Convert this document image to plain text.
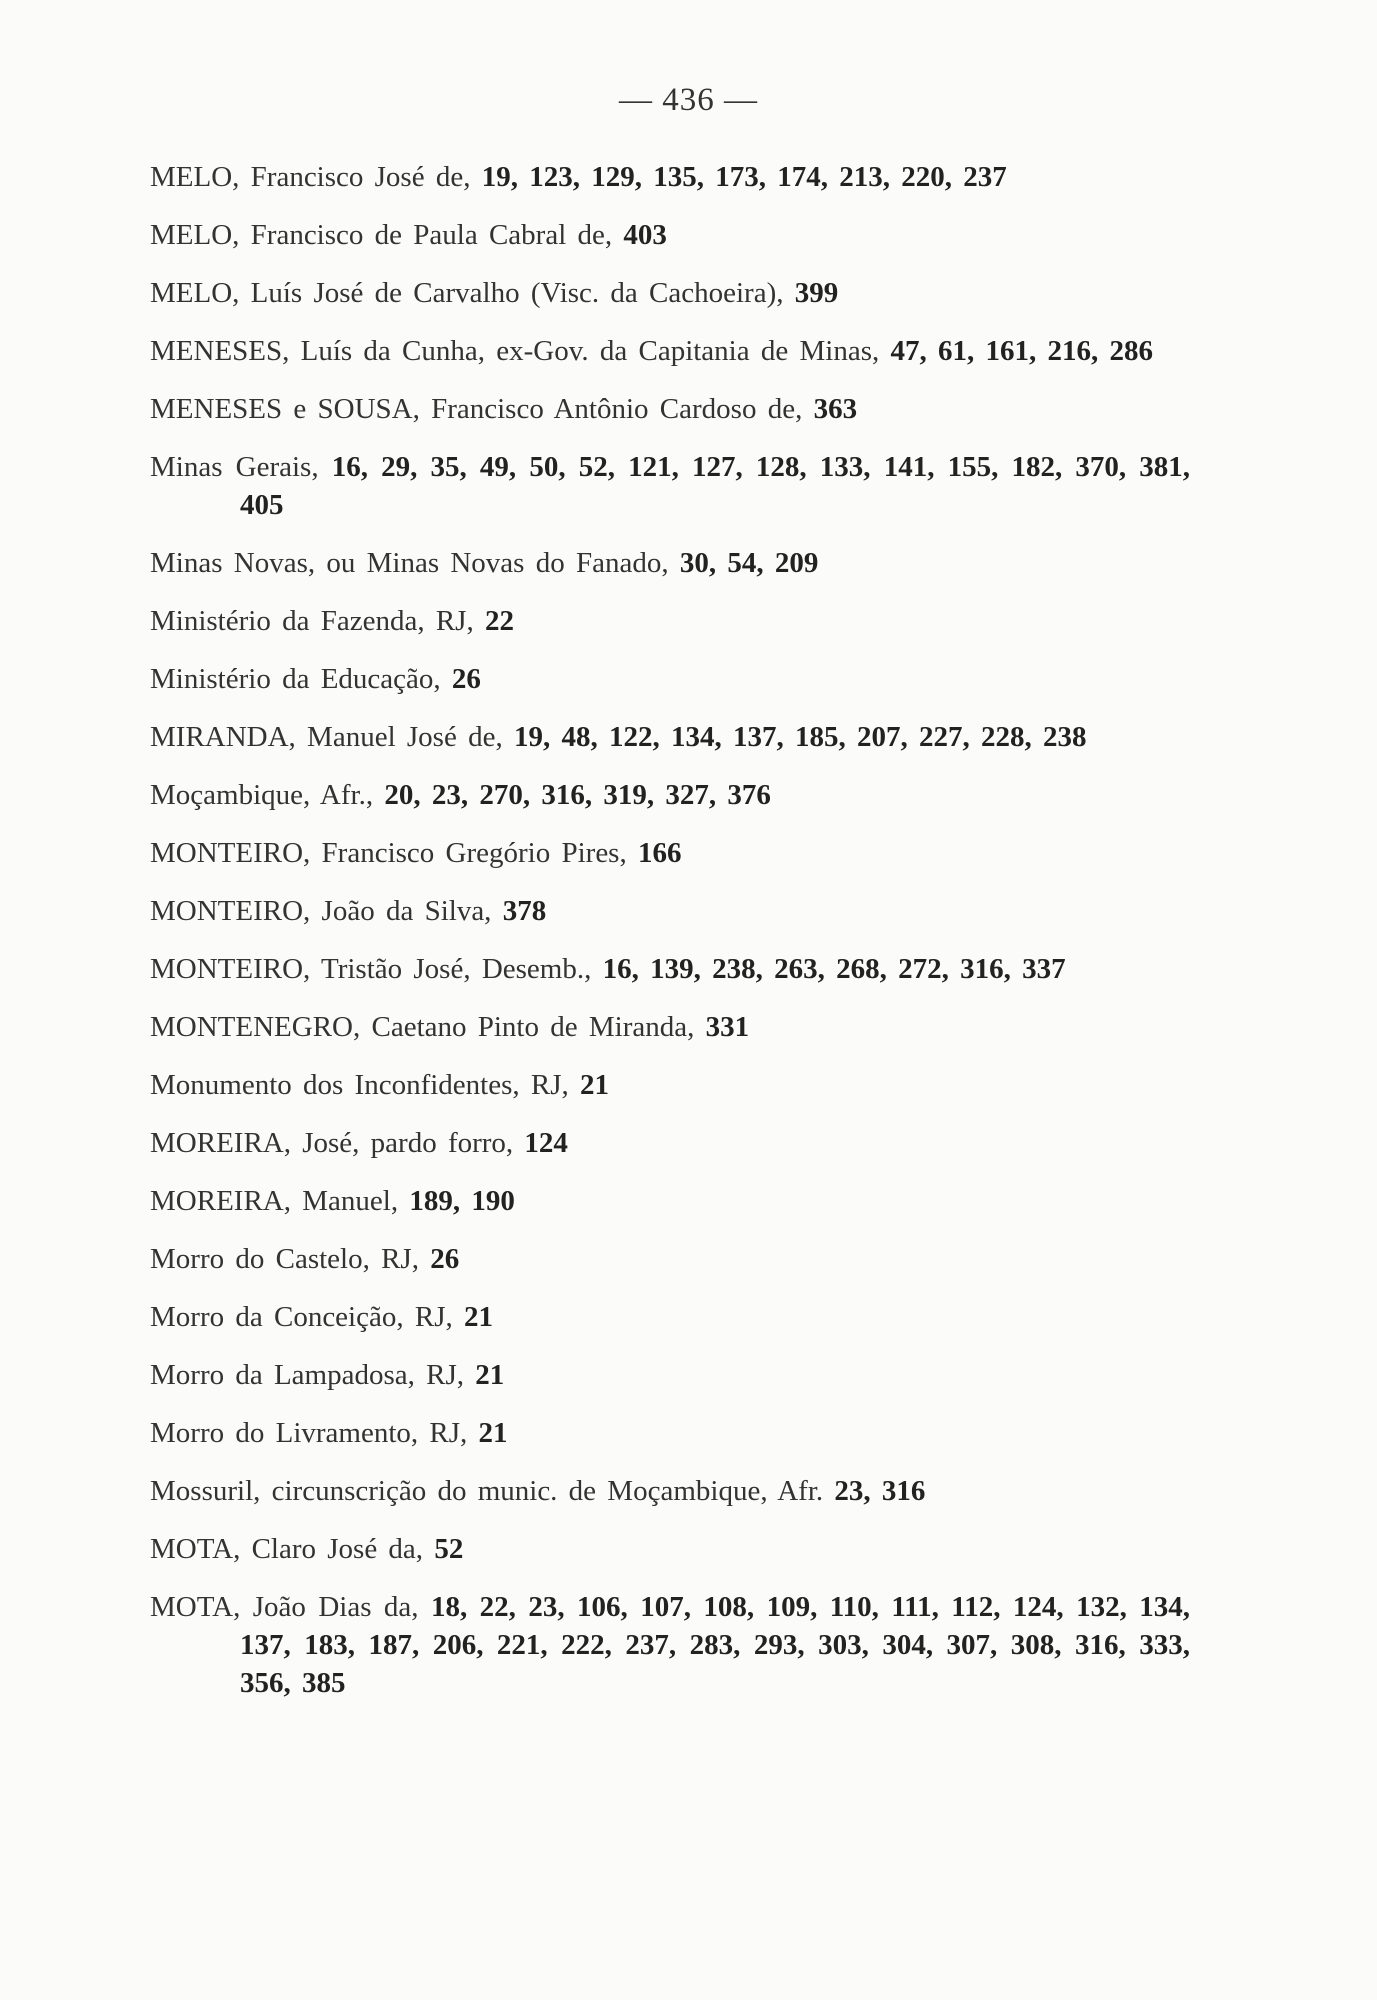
— 436 —
MELO, Francisco José de, 19, 123, 129, 135, 173, 174, 213, 220, 237
MELO, Francisco de Paula Cabral de, 403
MELO, Luís José de Carvalho (Visc. da Cachoeira), 399
MENESES, Luís da Cunha, ex-Gov. da Capitania de Minas, 47, 61, 161, 216, 286
MENESES e SOUSA, Francisco Antônio Cardoso de, 363
Minas Gerais, 16, 29, 35, 49, 50, 52, 121, 127, 128, 133, 141, 155, 182, 370, 381, 405
Minas Novas, ou Minas Novas do Fanado, 30, 54, 209
Ministério da Fazenda, RJ, 22
Ministério da Educação, 26
MIRANDA, Manuel José de, 19, 48, 122, 134, 137, 185, 207, 227, 228, 238
Moçambique, Afr., 20, 23, 270, 316, 319, 327, 376
MONTEIRO, Francisco Gregório Pires, 166
MONTEIRO, João da Silva, 378
MONTEIRO, Tristão José, Desemb., 16, 139, 238, 263, 268, 272, 316, 337
MONTENEGRO, Caetano Pinto de Miranda, 331
Monumento dos Inconfidentes, RJ, 21
MOREIRA, José, pardo forro, 124
MOREIRA, Manuel, 189, 190
Morro do Castelo, RJ, 26
Morro da Conceição, RJ, 21
Morro da Lampadosa, RJ, 21
Morro do Livramento, RJ, 21
Mossuril, circunscrição do munic. de Moçambique, Afr. 23, 316
MOTA, Claro José da, 52
MOTA, João Dias da, 18, 22, 23, 106, 107, 108, 109, 110, 111, 112, 124, 132, 134, 137, 183, 187, 206, 221, 222, 237, 283, 293, 303, 304, 307, 308, 316, 333, 356, 385
